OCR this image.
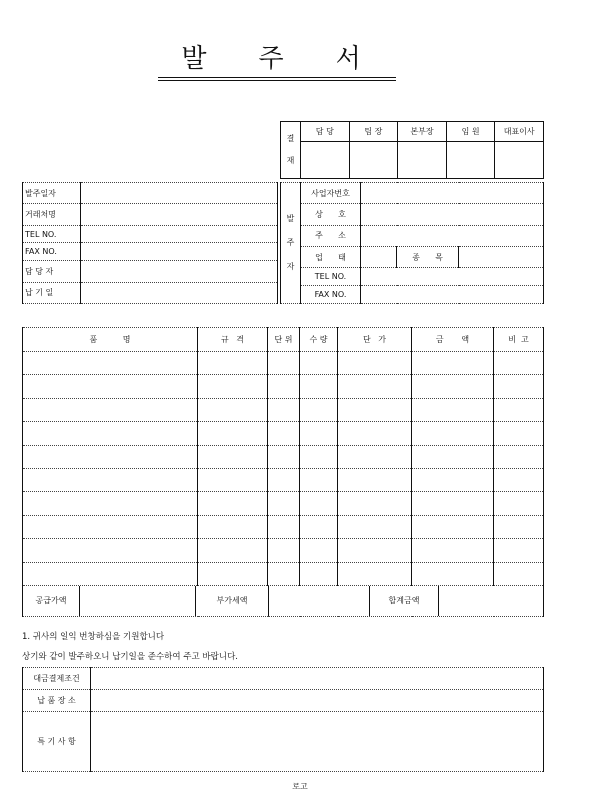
발 주 서
결
재	담 당	팀 장	본부장	임 원	대표이사

발주일자	
거래처명	
TEL NO.	
FAX NO.	
담 당 자	
납 기 일	
발
주
자	사업자번호			
	상      호			
	주      소			
	업      태		종      목	
	TEL NO.			
	FAX NO.			
품          명	규   격	단 위	수 량	단   가	금       액	비  고

공급가액 부가세액 합계금액						
1. 귀사의 일익 번창하심을 기원합니다
상기와 같이 발주하오니 납기일을 준수하여 주고 바랍니다.
대금결제조건	
납 품 장 소	
특 기 사 항	
로고
